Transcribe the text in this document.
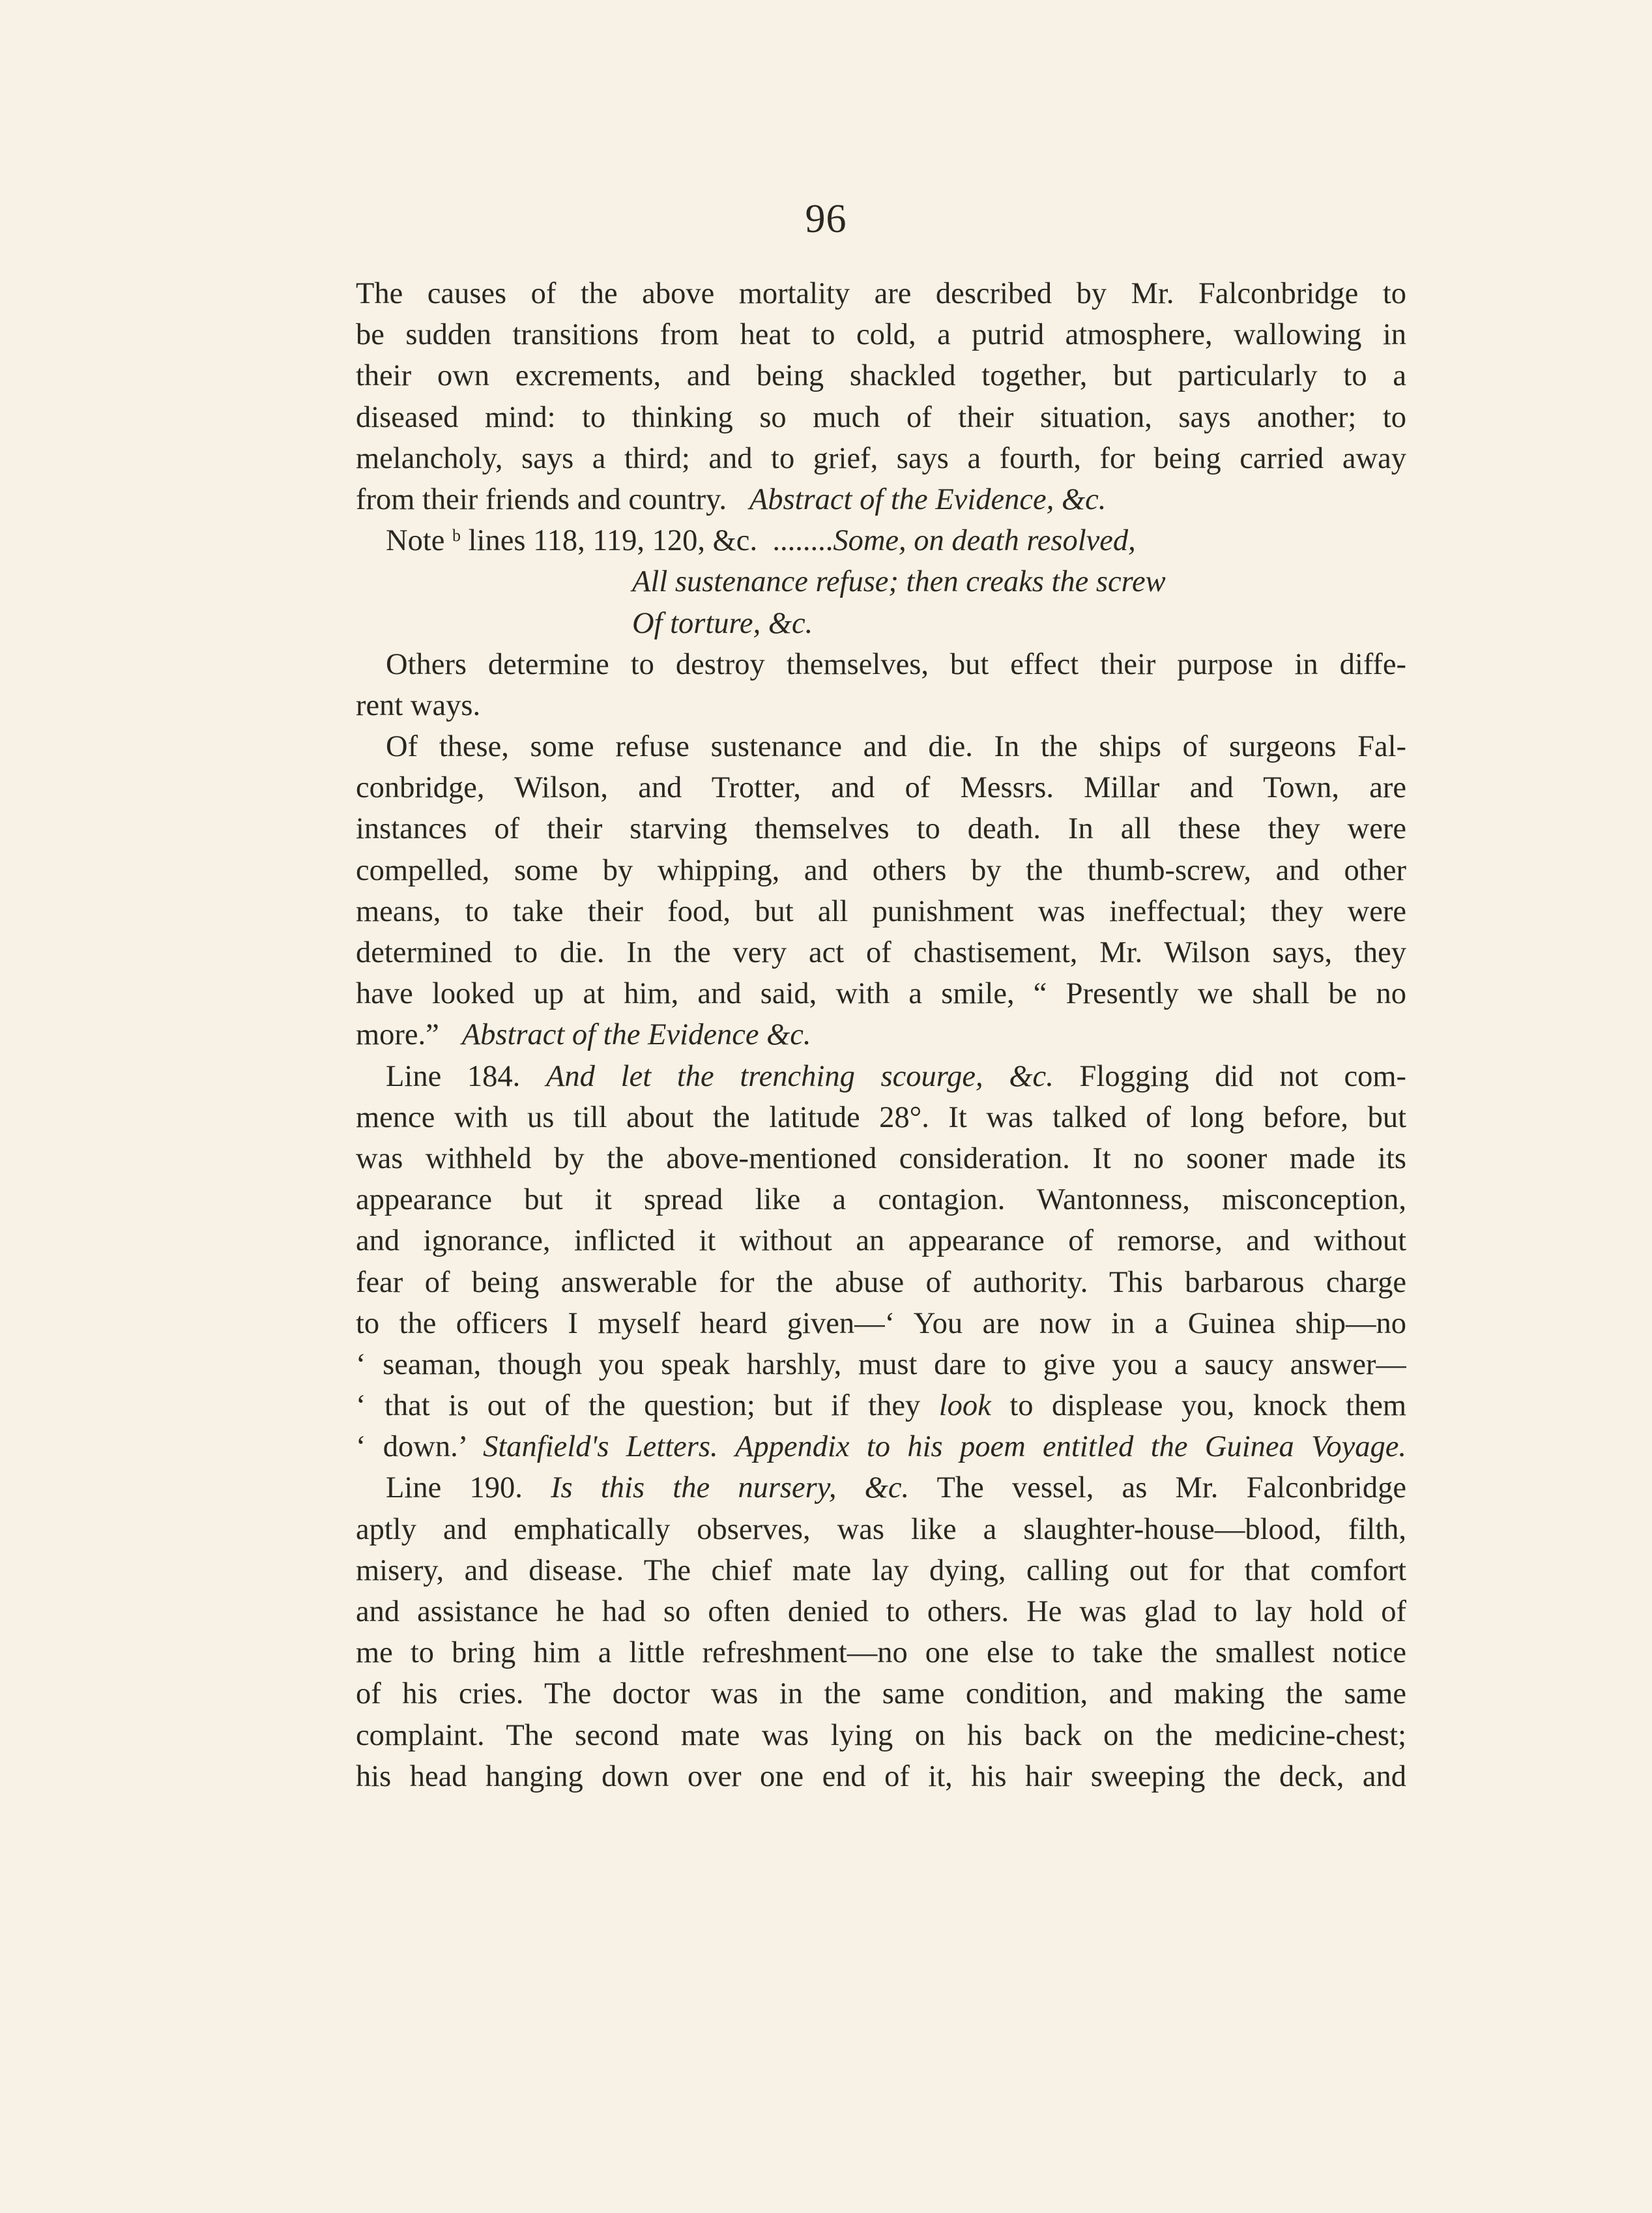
96
The causes of the above mortality are described by Mr. Falconbridge to
be sudden transitions from heat to cold, a putrid atmosphere, wallowing in
their own excrements, and being shackled together, but particularly to a
diseased mind: to thinking so much of their situation, says another; to
melancholy, says a third; and to grief, says a fourth, for being carried away
from their friends and country. Abstract of the Evidence, &c.
Note $^b$ lines 118, 119, 120, &c. ........Some, on death resolved,
All sustenance refuse; then creaks the screw
Of torture, &c.
Others determine to destroy themselves, but effect their purpose in diffe-
rent ways.
Of these, some refuse sustenance and die. In the ships of surgeons Fal-
conbridge, Wilson, and Trotter, and of Messrs. Millar and Town, are
instances of their starving themselves to death. In all these they were
compelled, some by whipping, and others by the thumb-screw, and other
means, to take their food, but all punishment was ineffectual; they were
determined to die. In the very act of chastisement, Mr. Wilson says, they
have looked up at him, and said, with a smile, “ Presently we shall be no
more.” Abstract of the Evidence &c.
Line 184. And let the trenching scourge, &c. Flogging did not com-
mence with us till about the latitude 28°. It was talked of long before, but
was withheld by the above-mentioned consideration. It no sooner made its
appearance but it spread like a contagion. Wantonness, misconception,
and ignorance, inflicted it without an appearance of remorse, and without
fear of being answerable for the abuse of authority. This barbarous charge
to the officers I myself heard given—‘ You are now in a Guinea ship—no
‘ seaman, though you speak harshly, must dare to give you a saucy answer—
‘ that is out of the question; but if they look to displease you, knock them
‘ down.’ Stanfield's Letters. Appendix to his poem entitled the Guinea Voyage.
Line 190. Is this the nursery, &c. The vessel, as Mr. Falconbridge
aptly and emphatically observes, was like a slaughter-house—blood, filth,
misery, and disease. The chief mate lay dying, calling out for that comfort
and assistance he had so often denied to others. He was glad to lay hold of
me to bring him a little refreshment—no one else to take the smallest notice
of his cries. The doctor was in the same condition, and making the same
complaint. The second mate was lying on his back on the medicine-chest;
his head hanging down over one end of it, his hair sweeping the deck, and
